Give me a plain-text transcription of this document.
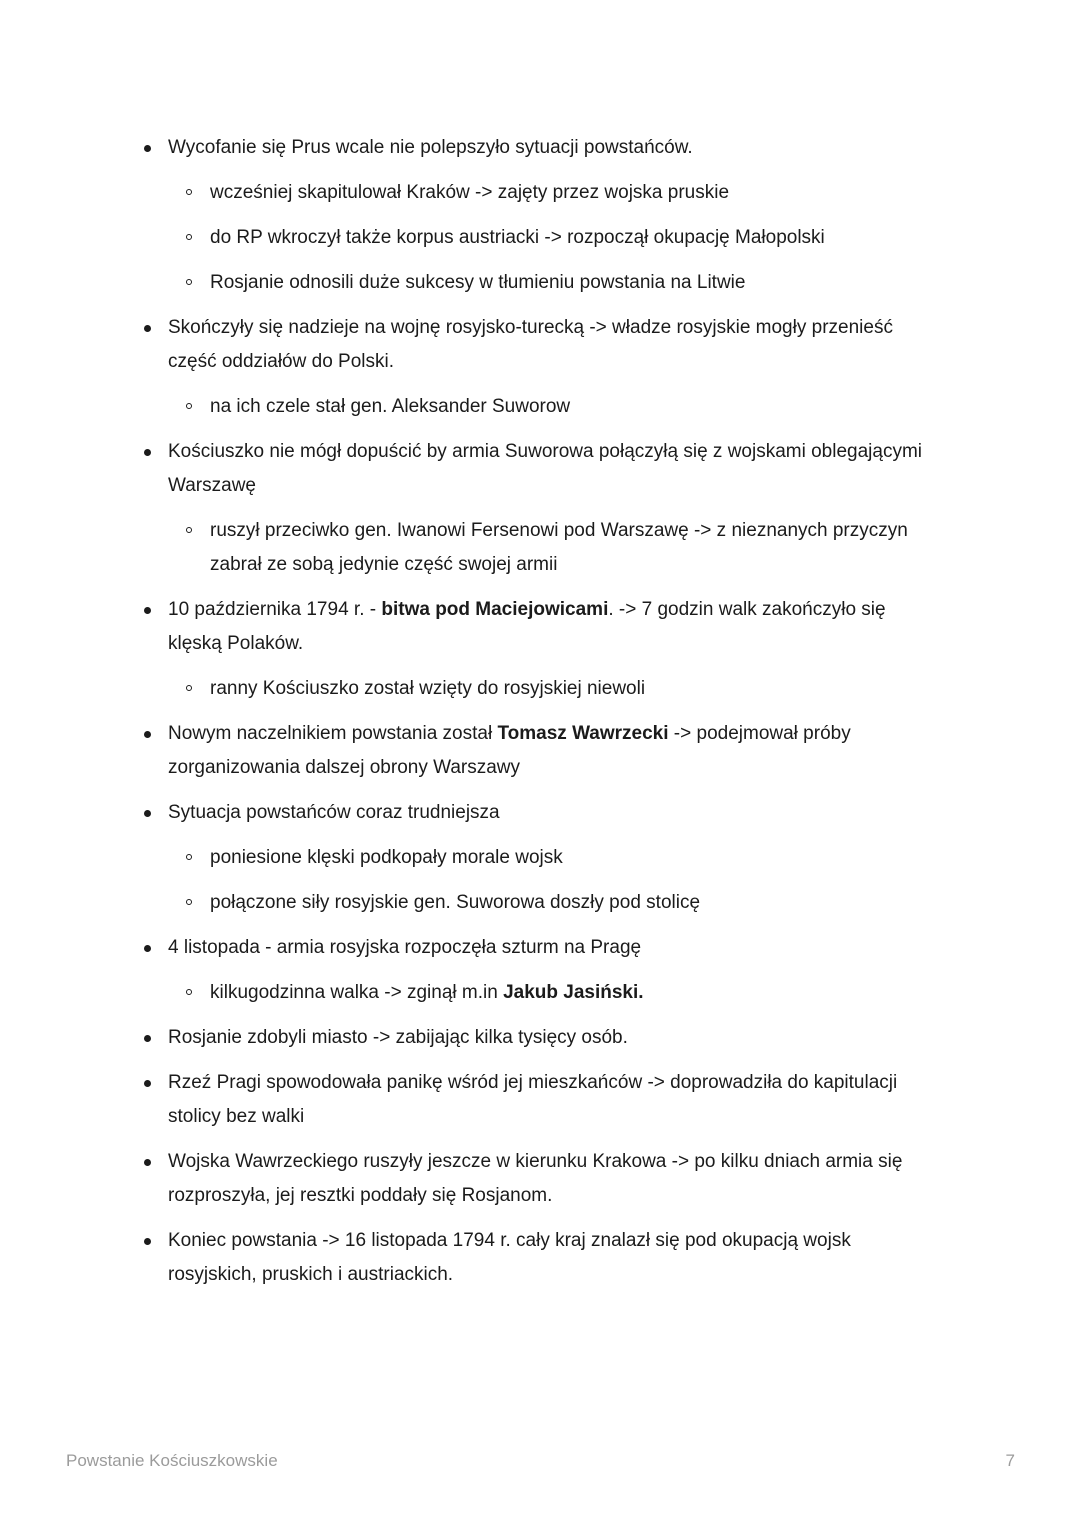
Wycofanie się Prus wcale nie polepszyło sytuacji powstańców.
wcześniej skapitulował Kraków -> zajęty przez wojska pruskie
do RP wkroczył także korpus austriacki -> rozpoczął okupację Małopolski
Rosjanie odnosili duże sukcesy w tłumieniu powstania na Litwie
Skończyły się nadzieje na wojnę rosyjsko-turecką -> władze rosyjskie mogły przenieść część oddziałów do Polski.
na ich czele stał gen. Aleksander Suworow
Kościuszko nie mógł dopuścić by armia Suworowa połączyłą się z wojskami oblegającymi Warszawę
ruszył przeciwko gen. Iwanowi Fersenowi pod Warszawę -> z nieznanych przyczyn zabrał ze sobą jedynie część swojej armii
10 października 1794 r. - bitwa pod Maciejowicami. -> 7 godzin walk zakończyło się klęską Polaków.
ranny Kościuszko został wzięty do rosyjskiej niewoli
Nowym naczelnikiem powstania został Tomasz Wawrzecki -> podejmował próby zorganizowania dalszej obrony Warszawy
Sytuacja powstańców coraz trudniejsza
poniesione klęski podkopały morale wojsk
połączone siły rosyjskie gen. Suworowa doszły pod stolicę
4 listopada - armia rosyjska rozpoczęła szturm na Pragę
kilkugodzinna walka -> zginął m.in Jakub Jasiński.
Rosjanie zdobyli miasto -> zabijając kilka tysięcy osób.
Rzeź Pragi spowodowała panikę wśród jej mieszkańców -> doprowadziła do kapitulacji stolicy bez walki
Wojska Wawrzeckiego ruszyły jeszcze w kierunku Krakowa -> po kilku dniach armia się rozproszyła, jej resztki poddały się Rosjanom.
Koniec powstania -> 16 listopada 1794 r. cały kraj znalazł się pod okupacją wojsk rosyjskich, pruskich i austriackich.
Powstanie Kościuszkowskie	7
